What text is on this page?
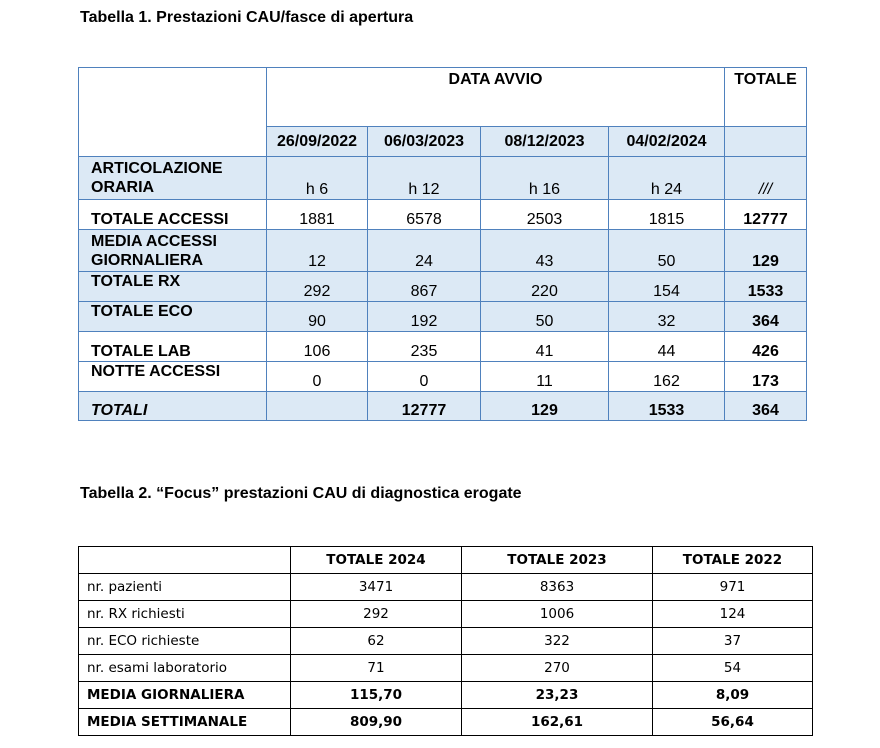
Tabella 1. Prestazioni CAU/fasce di apertura
	DATA AVVIO				TOTALE
	26/09/2022	06/03/2023	08/12/2023	04/02/2024	
ARTICOLAZIONE
ORARIA	h 6	h 12	h 16	h 24	///
TOTALE ACCESSI	1881	6578	2503	1815	12777
MEDIA ACCESSI
GIORNALIERA	12	24	43	50	129
TOTALE RX	292	867	220	154	1533
TOTALE ECO	90	192	50	32	364
TOTALE LAB	106	235	41	44	426
NOTTE ACCESSI	0	0	11	162	173
TOTALI		12777	129	1533	364
Tabella 2. “Focus” prestazioni CAU di diagnostica erogate
	TOTALE 2024	TOTALE 2023	TOTALE 2022
nr. pazienti	3471	8363	971
nr. RX richiesti	292	1006	124
nr. ECO richieste	62	322	37
nr. esami laboratorio	71	270	54
MEDIA GIORNALIERA	115,70	23,23	8,09
MEDIA SETTIMANALE	809,90	162,61	56,64
